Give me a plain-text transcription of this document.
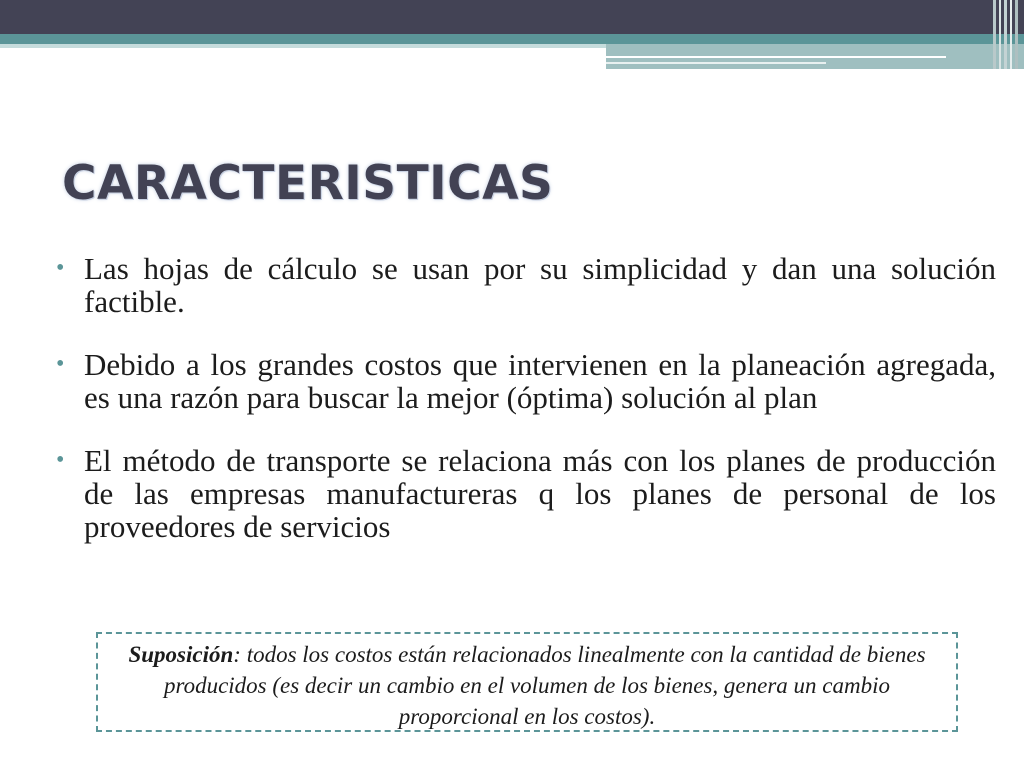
CARACTERISTICAS
• Las hojas de cálculo se usan por su simplicidad y dan una solución factible.
• Debido a los grandes costos que intervienen en la planeación agregada, es una razón para buscar la mejor (óptima) solución al plan
• El método de transporte se relaciona más con los planes de producción de las empresas manufactureras q los planes de personal de los proveedores de servicios
Suposición: todos los costos están relacionados linealmente con la cantidad de bienes producidos (es decir un cambio en el volumen de los bienes, genera un cambio proporcional en los costos).
